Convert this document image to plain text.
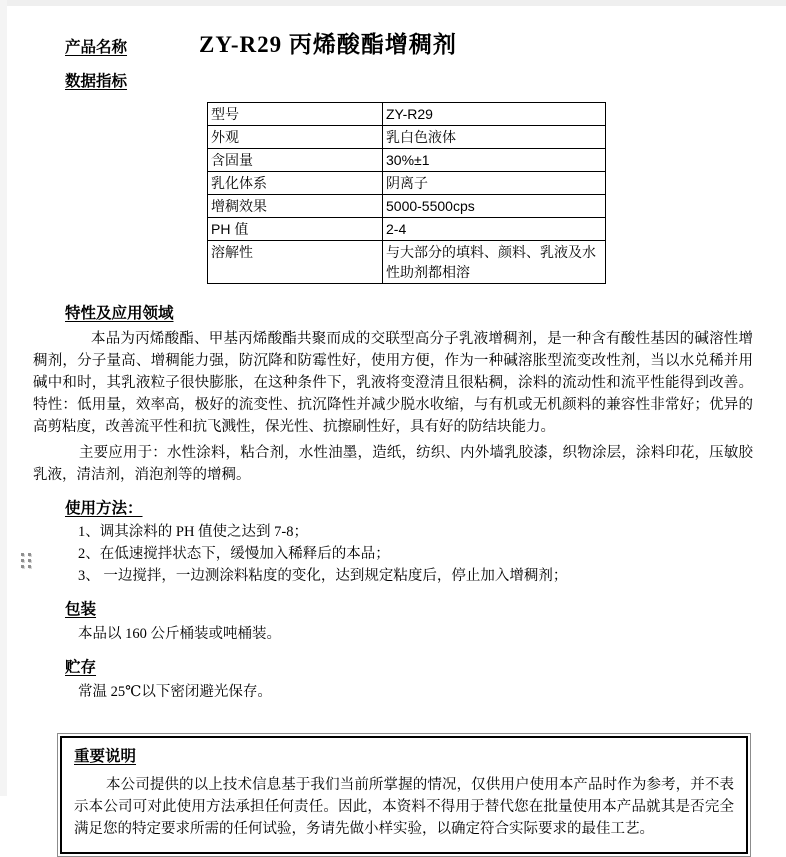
产品名称	ZY-R29 丙烯酸酯增稠剂
数据指标
型号	ZY-R29
外观	乳白色液体
含固量	30%±1
乳化体系	阴离子
增稠效果	5000-5500cps
PH 值	2-4
溶解性	与大部分的填料、颜料、乳液及水性助剂都相溶
特性及应用领域
本品为丙烯酸酯、甲基丙烯酸酯共聚而成的交联型高分子乳液增稠剂，是一种含有酸性基因的碱溶性增稠剂，分子量高、增稠能力强，防沉降和防霉性好，使用方便，作为一种碱溶胀型流变改性剂，当以水兑稀并用碱中和时，其乳液粒子很快膨胀，在这种条件下，乳液将变澄清且很粘稠，涂料的流动性和流平性能得到改善。特性：低用量，效率高，极好的流变性、抗沉降性并减少脱水收缩，与有机或无机颜料的兼容性非常好；优异的高剪粘度，改善流平性和抗飞溅性，保光性、抗擦刷性好，具有好的防结块能力。
主要应用于：水性涂料，粘合剂，水性油墨，造纸，纺织、内外墙乳胶漆，织物涂层，涂料印花，压敏胶乳液，清洁剂，消泡剂等的增稠。
使用方法：
1、调其涂料的 PH 值使之达到 7-8；
2、在低速搅拌状态下，缓慢加入稀释后的本品；
3、 一边搅拌，一边测涂料粘度的变化，达到规定粘度后，停止加入增稠剂；
包装
本品以 160 公斤桶装或吨桶装。
贮存
常温 25℃以下密闭避光保存。
重要说明
本公司提供的以上技术信息基于我们当前所掌握的情况，仅供用户使用本产品时作为参考，并不表示本公司可对此使用方法承担任何责任。因此，本资料不得用于替代您在批量使用本产品就其是否完全满足您的特定要求所需的任何试验，务请先做小样实验，以确定符合实际要求的最佳工艺。
